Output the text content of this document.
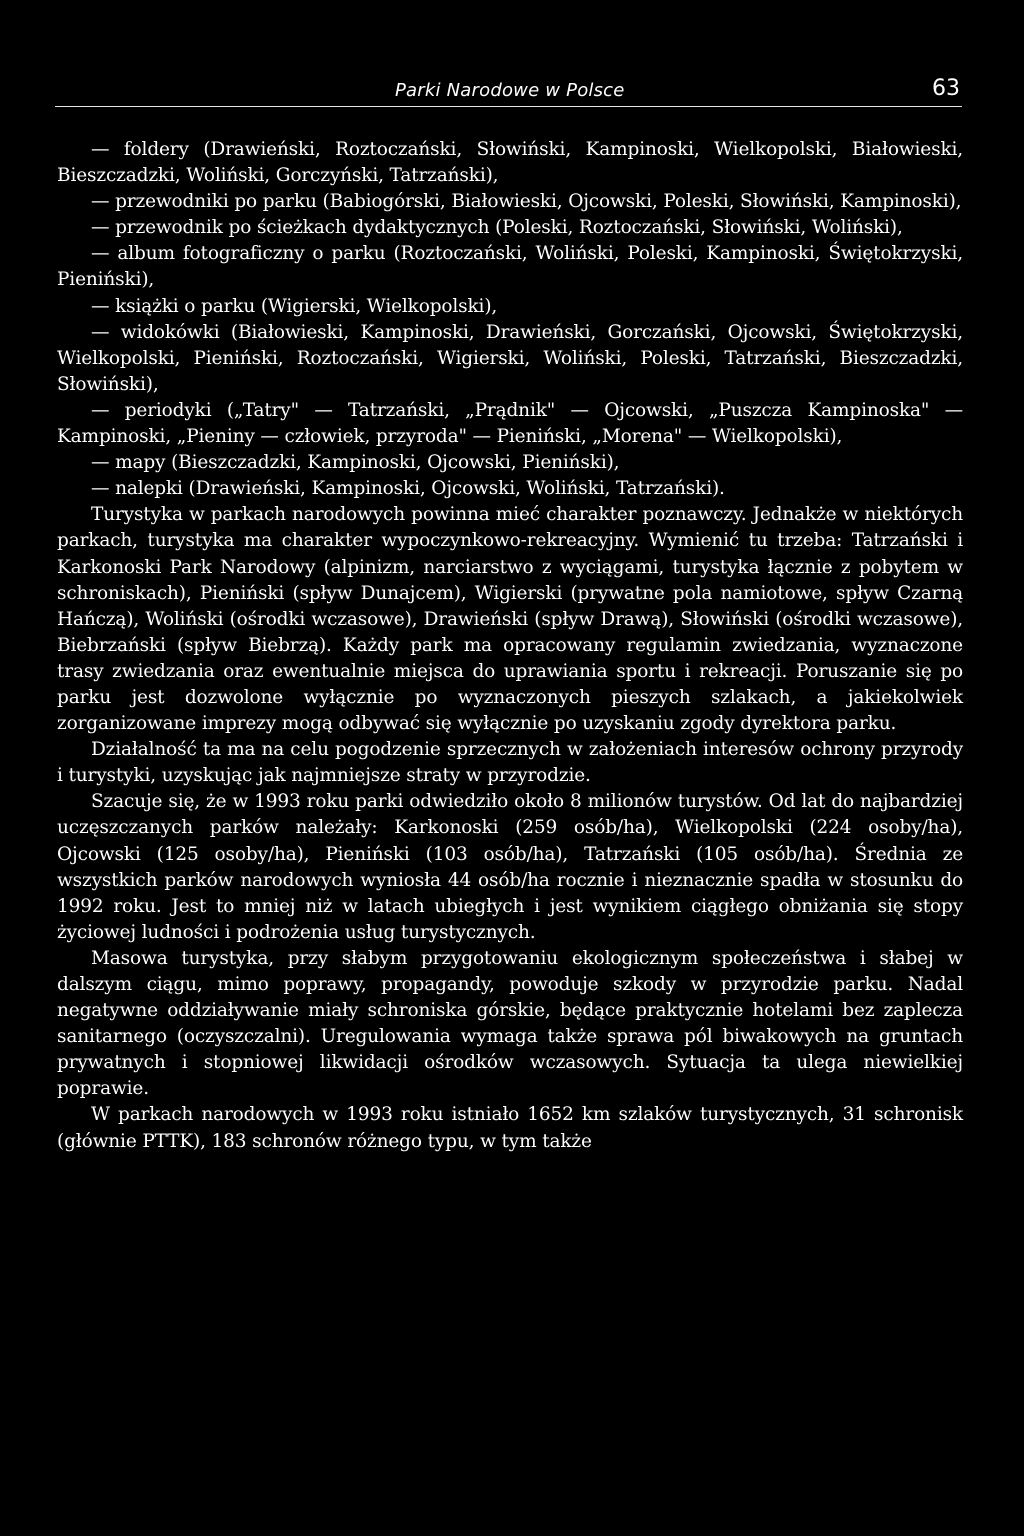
Parki Narodowe w Polsce	63

— foldery (Drawieński, Roztoczański, Słowiński, Kampinoski, Wielkopolski, Białowieski, Bieszczadzki, Woliński, Gorczyński, Tatrzański),

— przewodniki po parku (Babiogórski, Białowieski, Ojcowski, Poleski, Słowiński, Kampinoski),

— przewodnik po ścieżkach dydaktycznych (Poleski, Roztoczański, Słowiński, Woliński),

— album fotograficzny o parku (Roztoczański, Woliński, Poleski, Kampinoski, Świętokrzyski, Pieniński),

— książki o parku (Wigierski, Wielkopolski),

— widokówki (Białowieski, Kampinoski, Drawieński, Gorczański, Ojcowski, Świętokrzyski, Wielkopolski, Pieniński, Roztoczański, Wigierski, Woliński, Poleski, Tatrzański, Bieszczadzki, Słowiński),

— periodyki („Tatry" — Tatrzański, „Prądnik" — Ojcowski, „Puszcza Kampinoska" — Kampinoski, „Pieniny — człowiek, przyroda" — Pieniński, „Morena" — Wielkopolski),

— mapy (Bieszczadzki, Kampinoski, Ojcowski, Pieniński),

— nalepki (Drawieński, Kampinoski, Ojcowski, Woliński, Tatrzański).

Turystyka w parkach narodowych powinna mieć charakter poznawczy. Jednakże w niektórych parkach, turystyka ma charakter wypoczynkowo-rekreacyjny. Wymienić tu trzeba: Tatrzański i Karkonoski Park Narodowy (alpinizm, narciarstwo z wyciągami, turystyka łącznie z pobytem w schroniskach), Pieniński (spływ Dunajcem), Wigierski (prywatne pola namiotowe, spływ Czarną Hańczą), Woliński (ośrodki wczasowe), Drawieński (spływ Drawą), Słowiński (ośrodki wczasowe), Biebrzański (spływ Biebrzą). Każdy park ma opracowany regulamin zwiedzania, wyznaczone trasy zwiedzania oraz ewentualnie miejsca do uprawiania sportu i rekreacji. Poruszanie się po parku jest dozwolone wyłącznie po wyznaczonych pieszych szlakach, a jakiekolwiek zorganizowane imprezy mogą odbywać się wyłącznie po uzyskaniu zgody dyrektora parku.

Działalność ta ma na celu pogodzenie sprzecznych w założeniach interesów ochrony przyrody i turystyki, uzyskując jak najmniejsze straty w przyrodzie.

Szacuje się, że w 1993 roku parki odwiedziło około 8 milionów turystów. Od lat do najbardziej uczęszczanych parków należały: Karkonoski (259 osób/ha), Wielkopolski (224 osoby/ha), Ojcowski (125 osoby/ha), Pieniński (103 osób/ha), Tatrzański (105 osób/ha). Średnia ze wszystkich parków narodowych wyniosła 44 osób/ha rocznie i nieznacznie spadła w stosunku do 1992 roku. Jest to mniej niż w latach ubiegłych i jest wynikiem ciągłego obniżania się stopy życiowej ludności i podrożenia usług turystycznych.

Masowa turystyka, przy słabym przygotowaniu ekologicznym społeczeństwa i słabej w dalszym ciągu, mimo poprawy, propagandy, powoduje szkody w przyrodzie parku. Nadal negatywne oddziaływanie miały schroniska górskie, będące praktycznie hotelami bez zaplecza sanitarnego (oczyszczalni). Uregulowania wymaga także sprawa pól biwakowych na gruntach prywatnych i stopniowej likwidacji ośrodków wczasowych. Sytuacja ta ulega niewielkiej poprawie.

W parkach narodowych w 1993 roku istniało 1652 km szlaków turystycznych, 31 schronisk (głównie PTTK), 183 schronów różnego typu, w tym także
